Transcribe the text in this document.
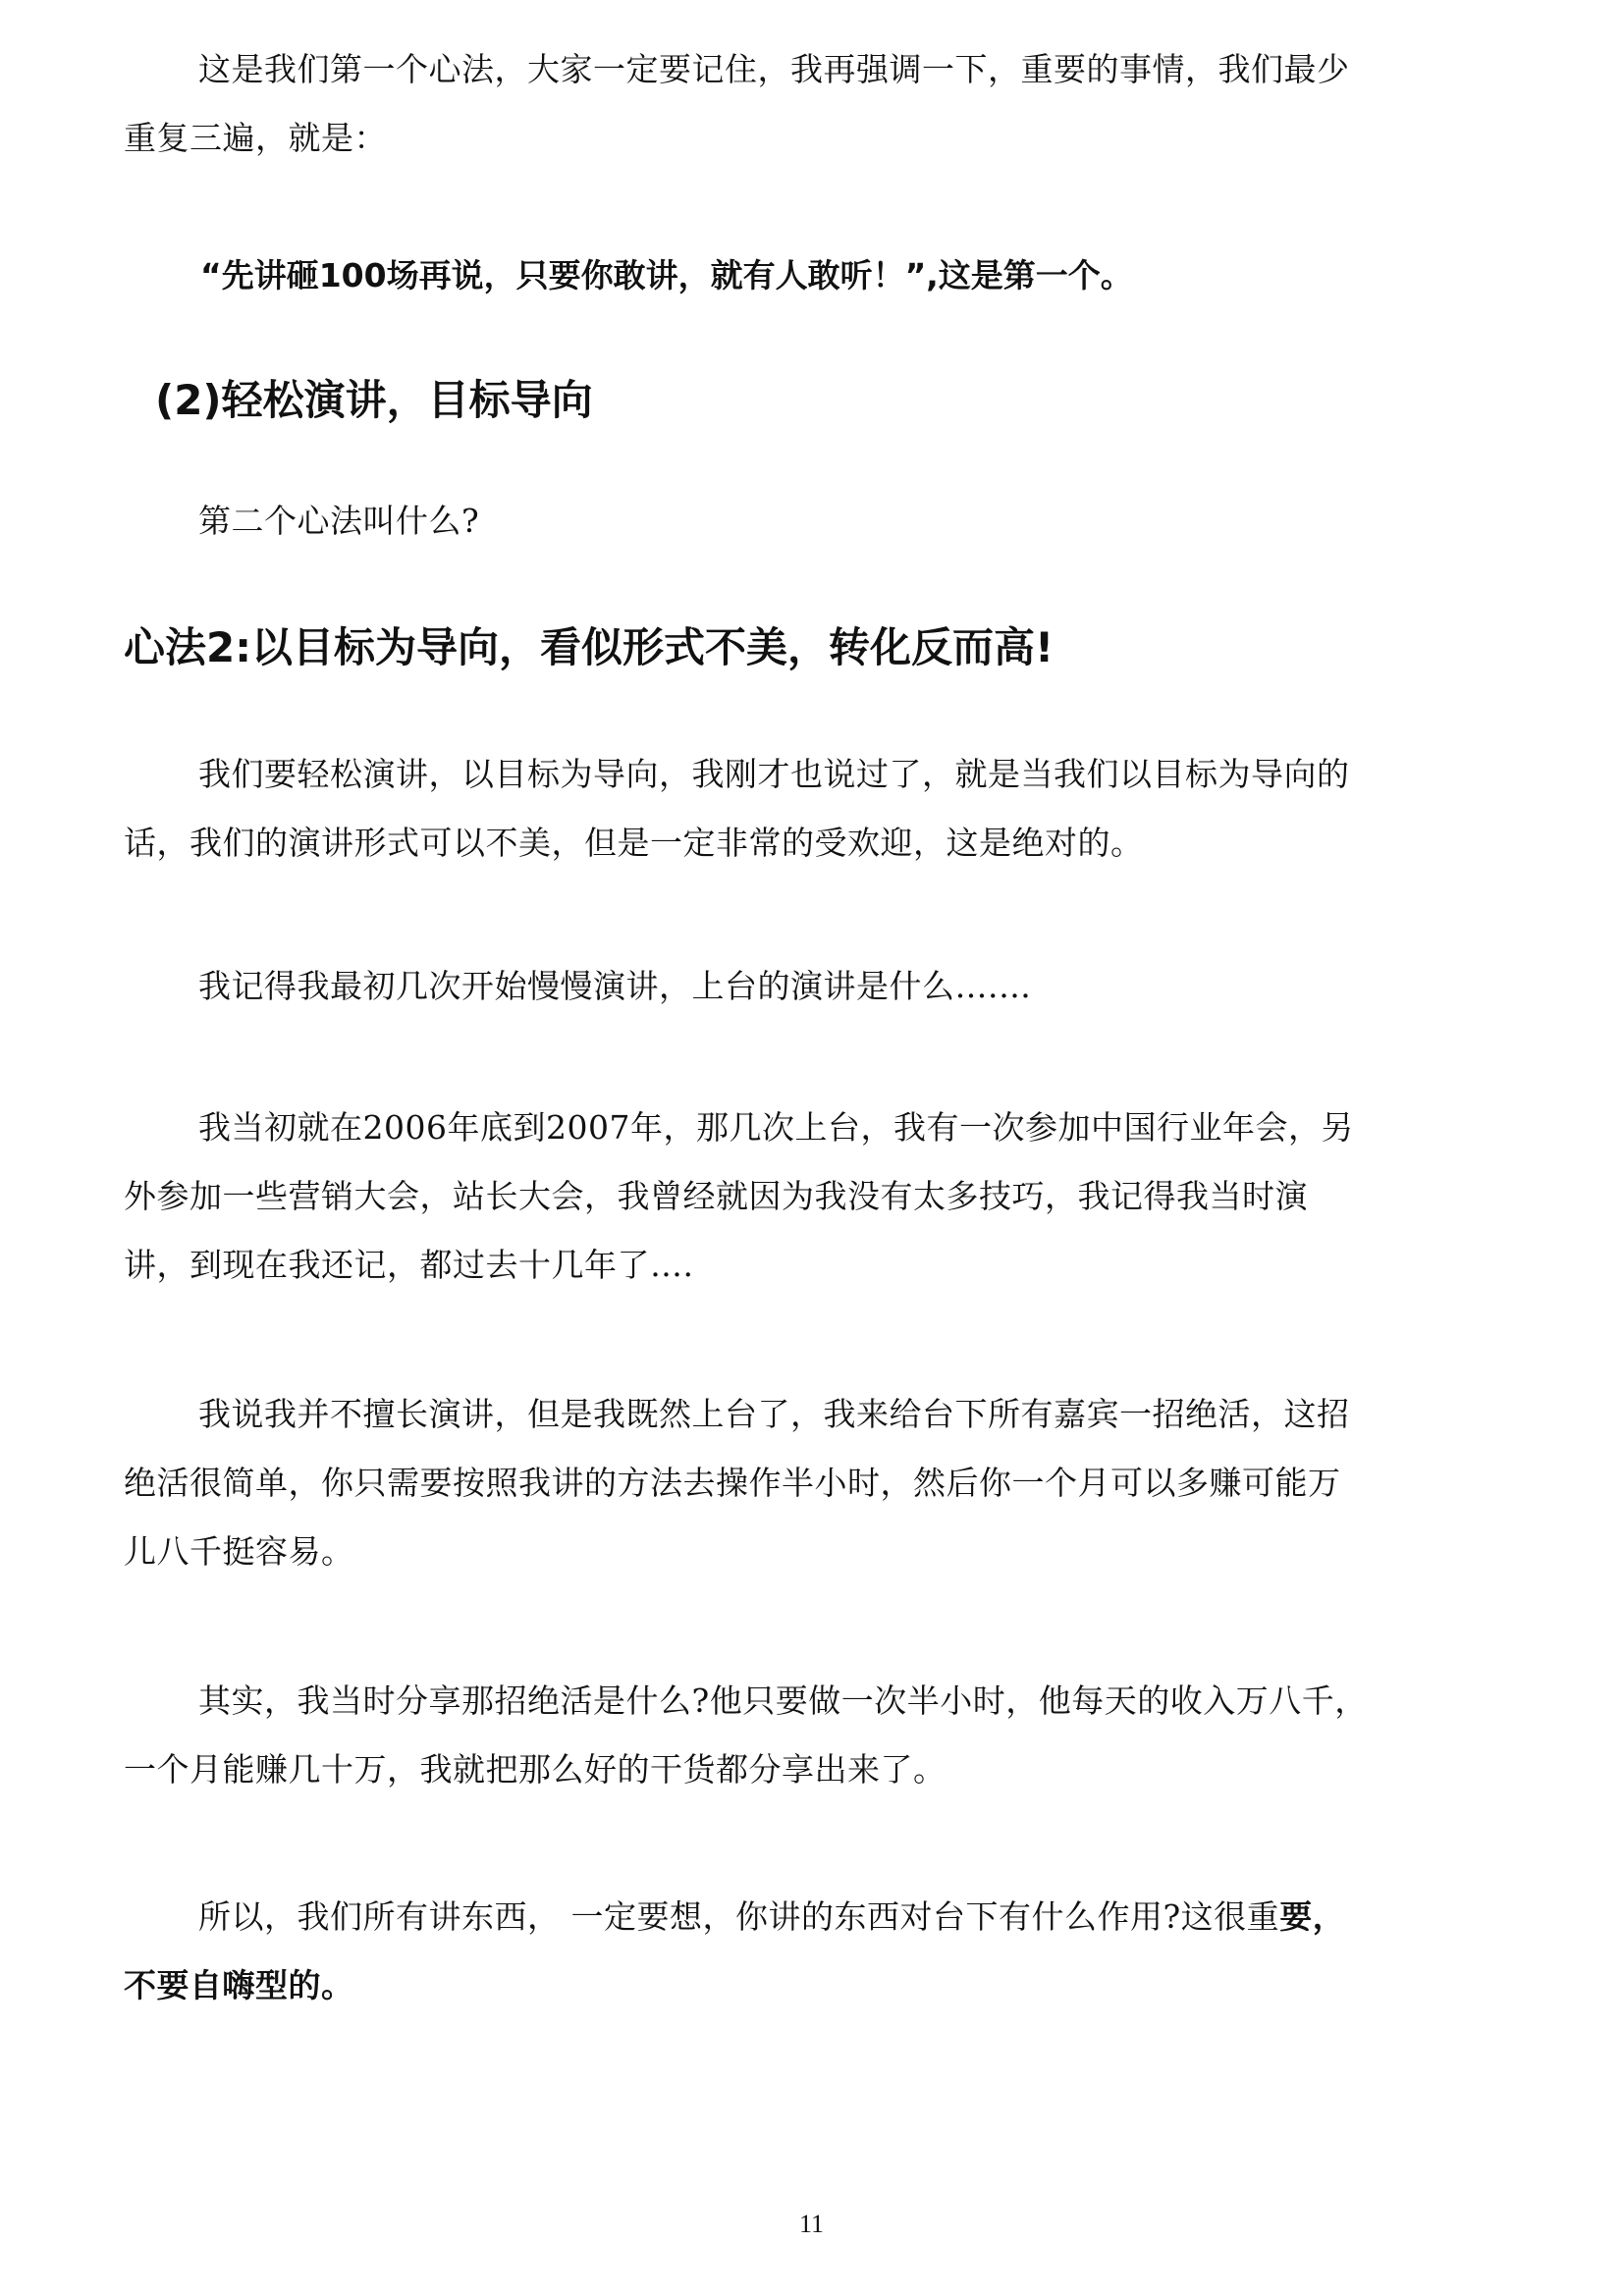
这是我们第一个心法，大家一定要记住，我再强调一下，重要的事情，我们最少重复三遍，就是：

“先讲砸100场再说，只要你敢讲，就有人敢听！”,这是第一个。

(2)轻松演讲，目标导向

第二个心法叫什么?

心法2:以目标为导向，看似形式不美，转化反而高!

我们要轻松演讲，以目标为导向，我刚才也说过了，就是当我们以目标为导向的话，我们的演讲形式可以不美，但是一定非常的受欢迎，这是绝对的。

我记得我最初几次开始慢慢演讲，上台的演讲是什么….…

我当初就在2006年底到2007年，那几次上台，我有一次参加中国行业年会，另外参加一些营销大会，站长大会，我曾经就因为我没有太多技巧，我记得我当时演讲，到现在我还记，都过去十几年了….

我说我并不擅长演讲，但是我既然上台了，我来给台下所有嘉宾一招绝活，这招绝活很简单，你只需要按照我讲的方法去操作半小时，然后你一个月可以多赚可能万儿八千挺容易。

其实，我当时分享那招绝活是什么?他只要做一次半小时，他每天的收入万八千，一个月能赚几十万，我就把那么好的干货都分享出来了。

所以，我们所有讲东西， 一定要想，你讲的东西对台下有什么作用?这很重要，不要自嗨型的。

11
